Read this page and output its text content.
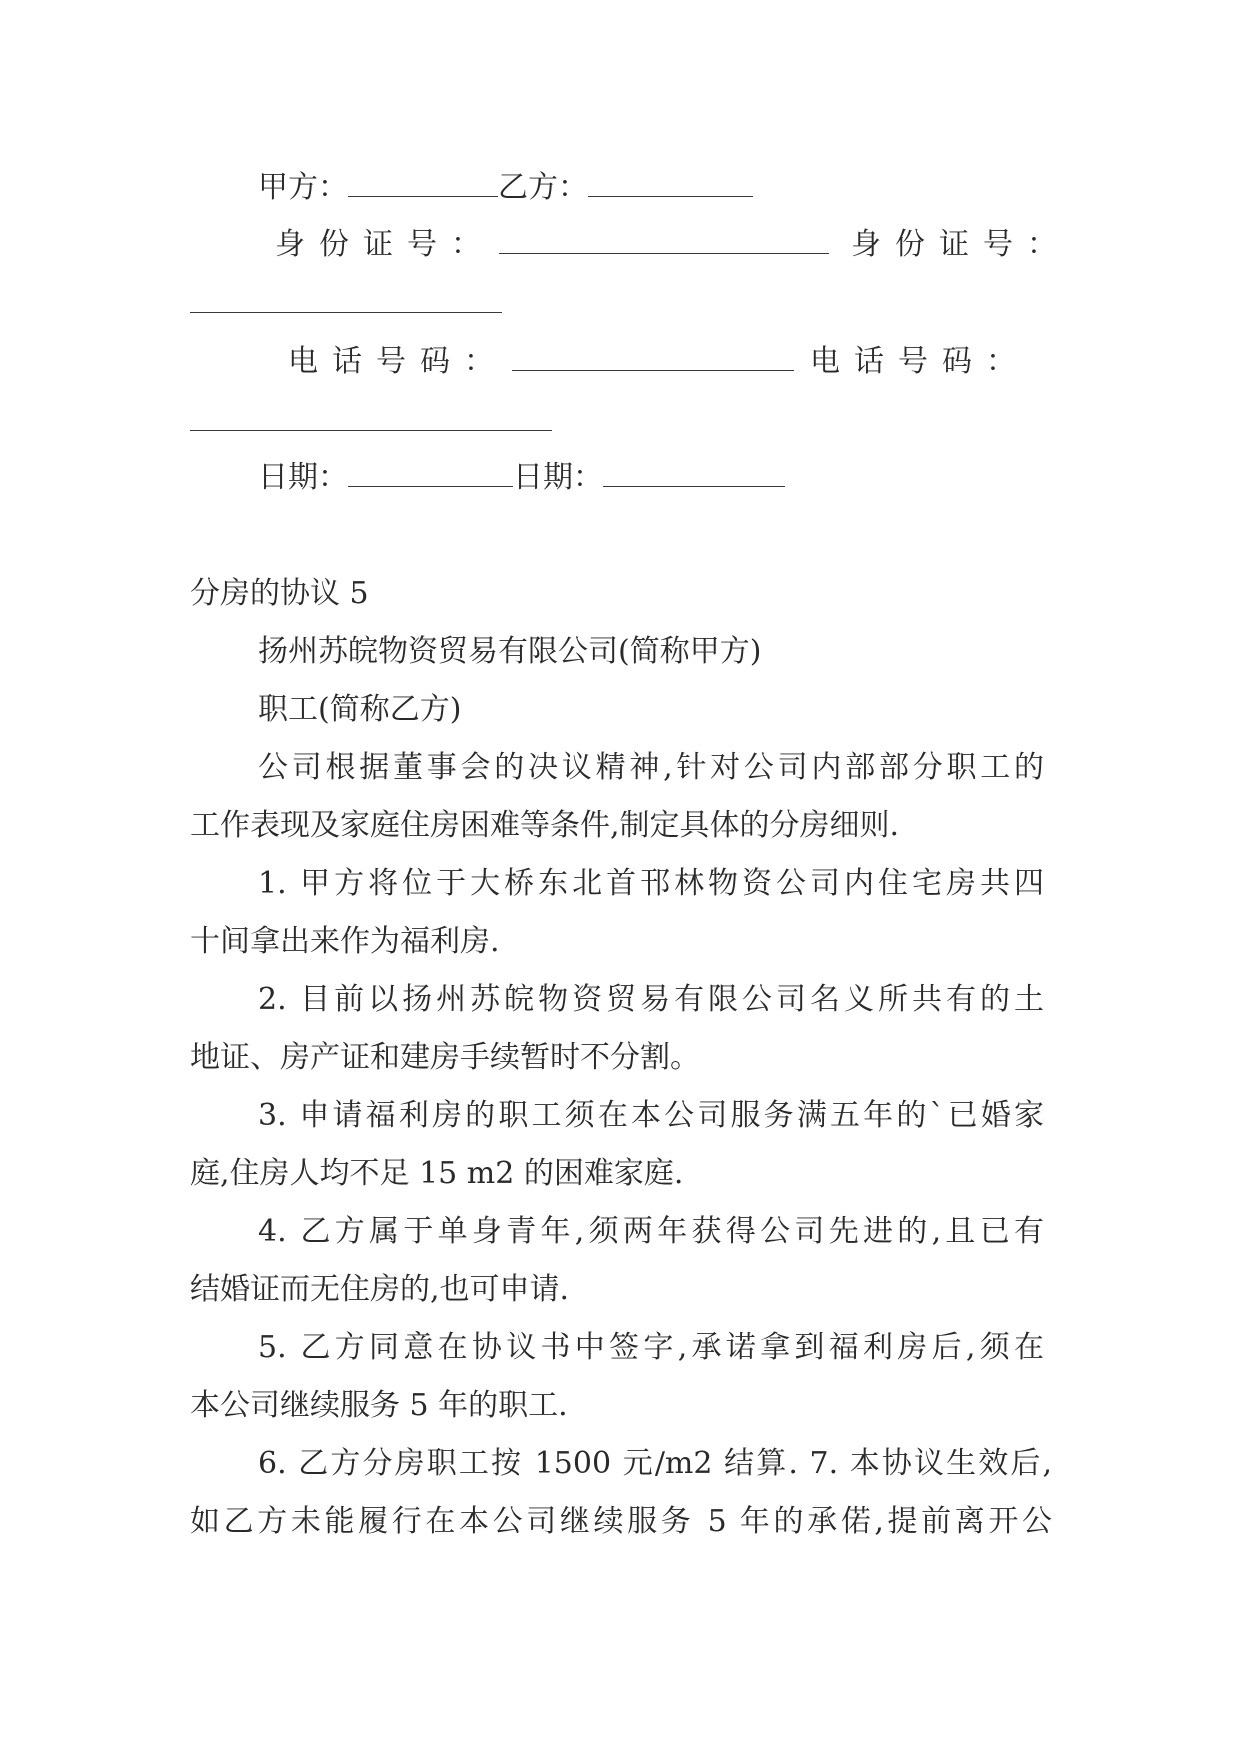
甲方：	乙方：
身份证号：	身份证号：
电话号码：	电话号码：
日期：	日期：
分房的协议 5
扬州苏皖物资贸易有限公司(简称甲方)
职工(简称乙方)
公司根据董事会的决议精神,针对公司内部部分职工的
工作表现及家庭住房困难等条件,制定具体的分房细则.
1. 甲方将位于大桥东北首邗林物资公司内住宅房共四
十间拿出来作为福利房.
2. 目前以扬州苏皖物资贸易有限公司名义所共有的土
地证、房产证和建房手续暂时不分割。
3. 申请福利房的职工须在本公司服务满五年的`已婚家
庭,住房人均不足 15 m2 的困难家庭.
4. 乙方属于单身青年,须两年获得公司先进的,且已有
结婚证而无住房的,也可申请.
5. 乙方同意在协议书中签字,承诺拿到福利房后,须在
本公司继续服务 5 年的职工.
6. 乙方分房职工按 1500 元/m2 结算. 7. 本协议生效后,
如乙方未能履行在本公司继续服务 5 年的承偌,提前离开公
